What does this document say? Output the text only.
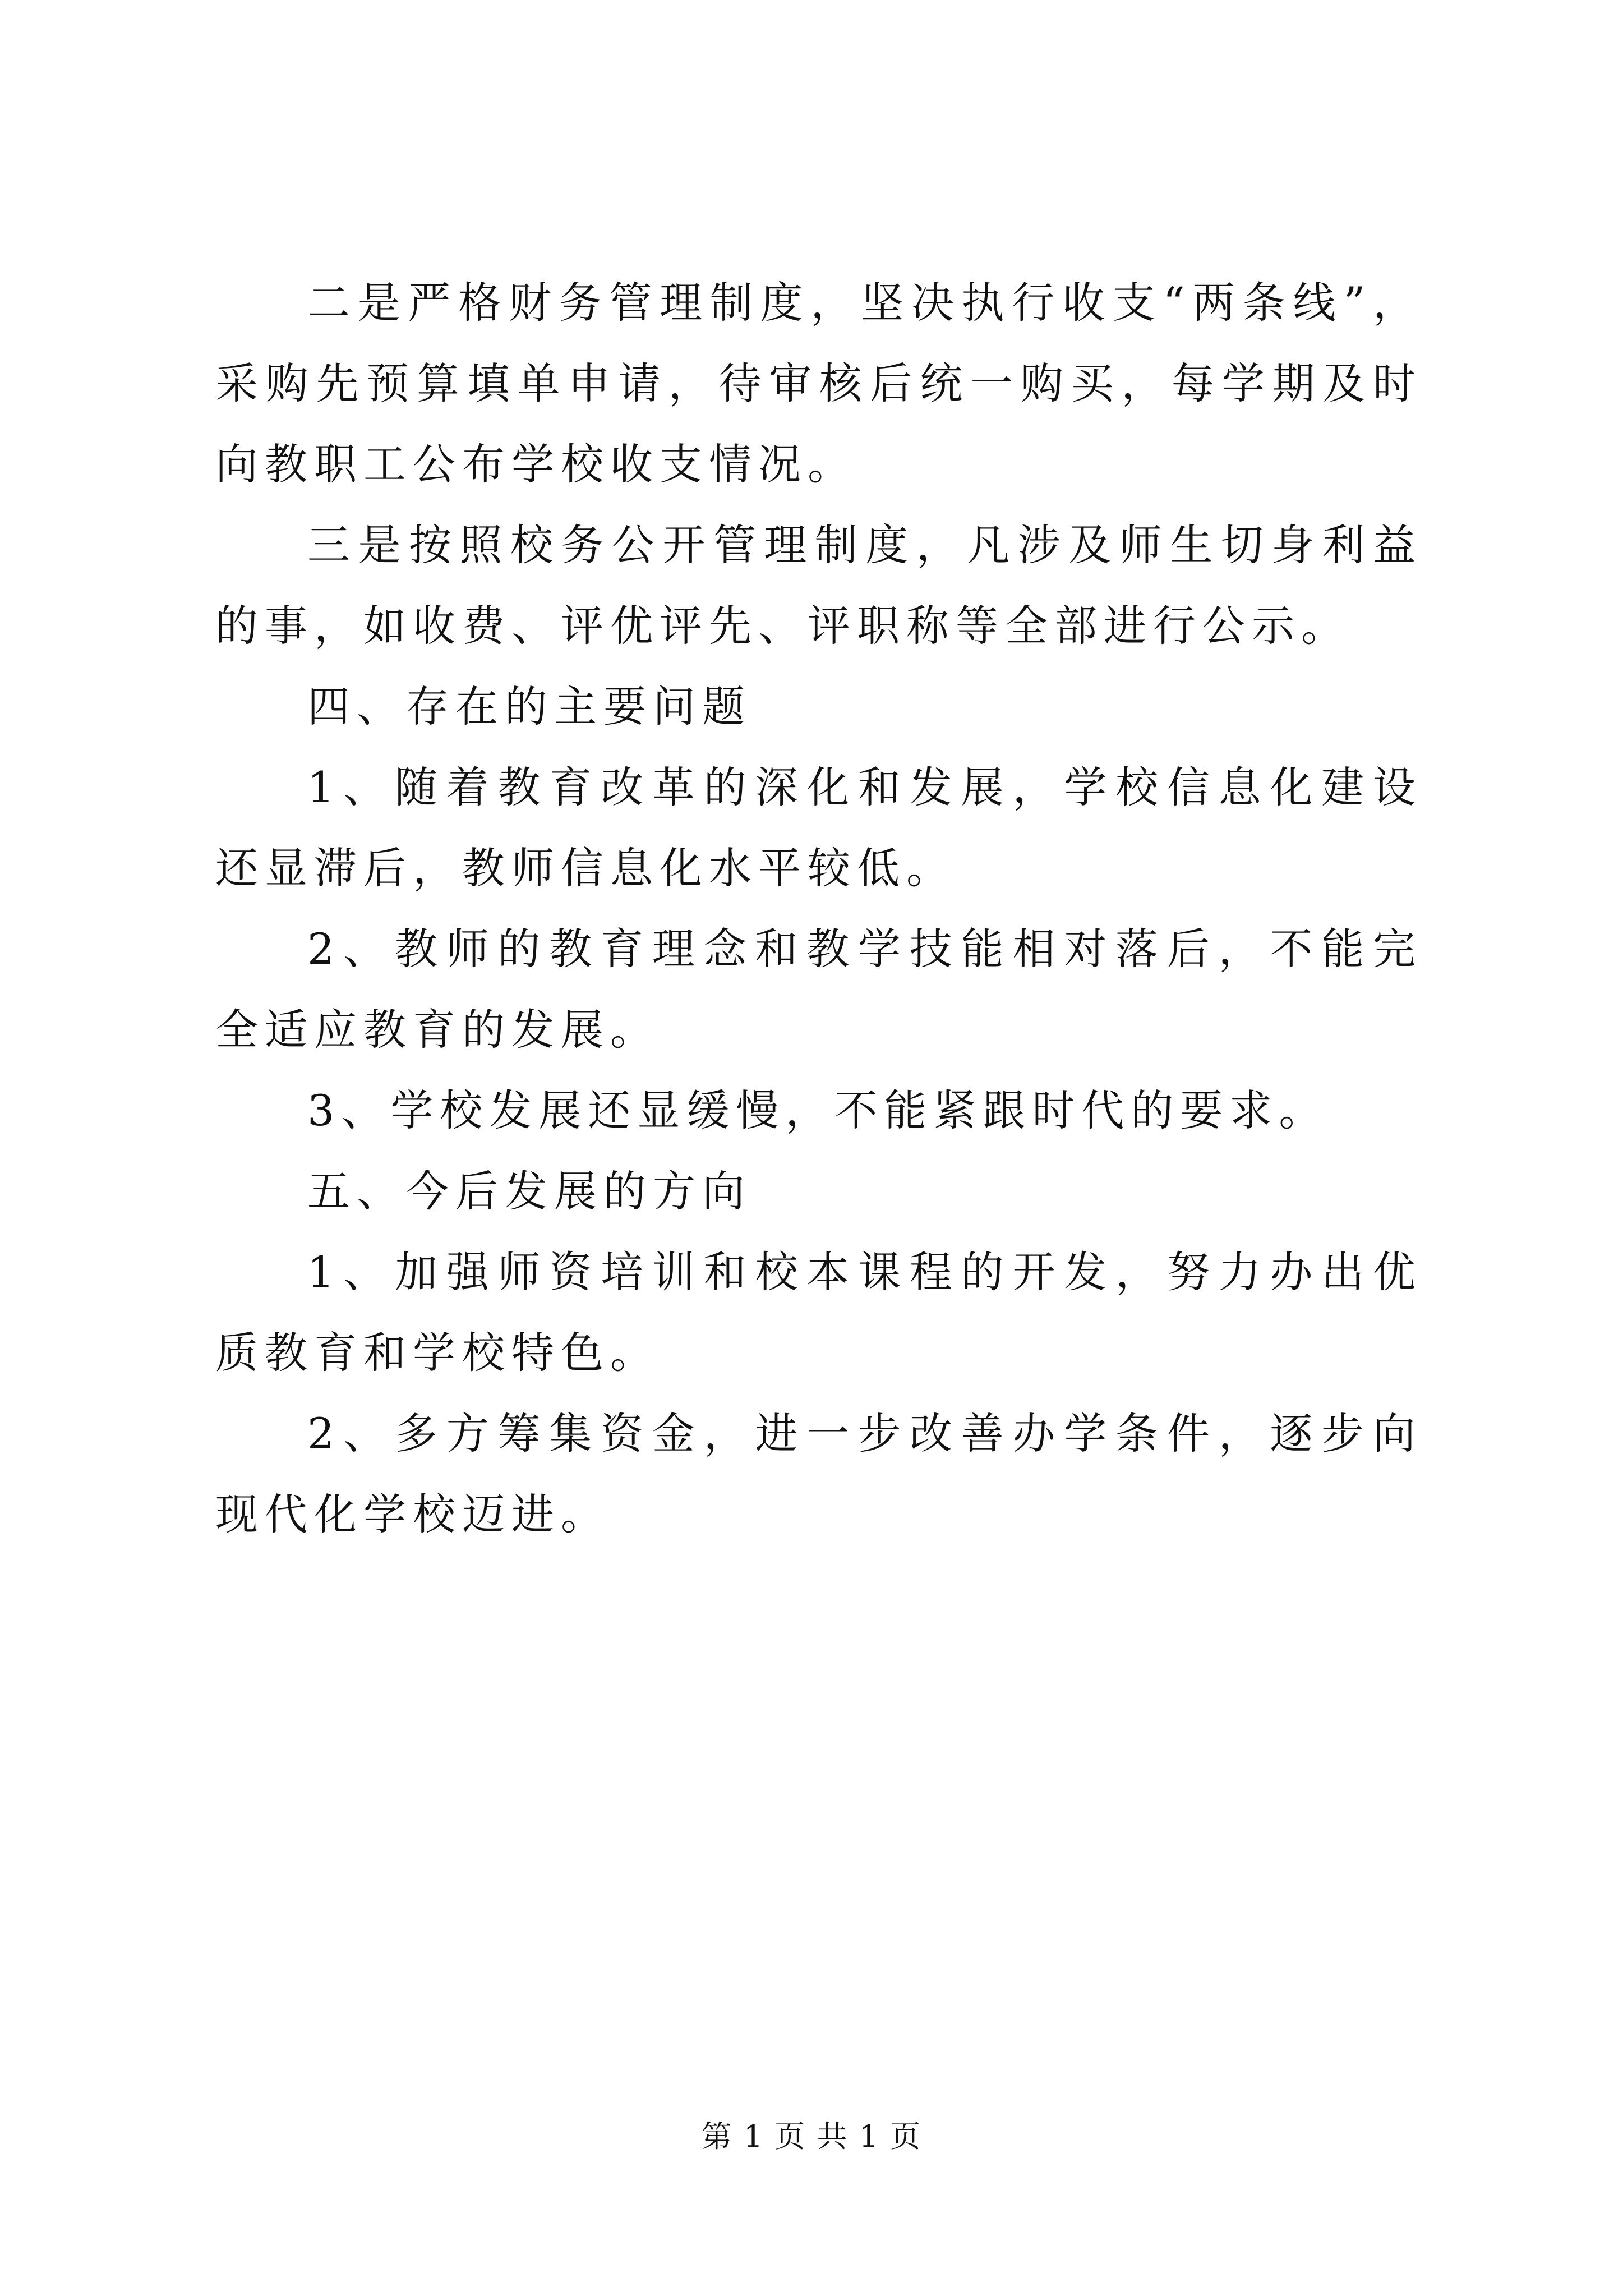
二是严格财务管理制度，坚决执行收支“两条线”，采购先预算填单申请，待审核后统一购买，每学期及时向教职工公布学校收支情况。

三是按照校务公开管理制度，凡涉及师生切身利益的事，如收费、评优评先、评职称等全部进行公示。

四、存在的主要问题

1、随着教育改革的深化和发展，学校信息化建设还显滞后，教师信息化水平较低。

2、教师的教育理念和教学技能相对落后，不能完全适应教育的发展。

3、学校发展还显缓慢，不能紧跟时代的要求。

五、今后发展的方向

1、加强师资培训和校本课程的开发，努力办出优质教育和学校特色。

2、多方筹集资金，进一步改善办学条件，逐步向现代化学校迈进。

第 1 页 共 1 页
